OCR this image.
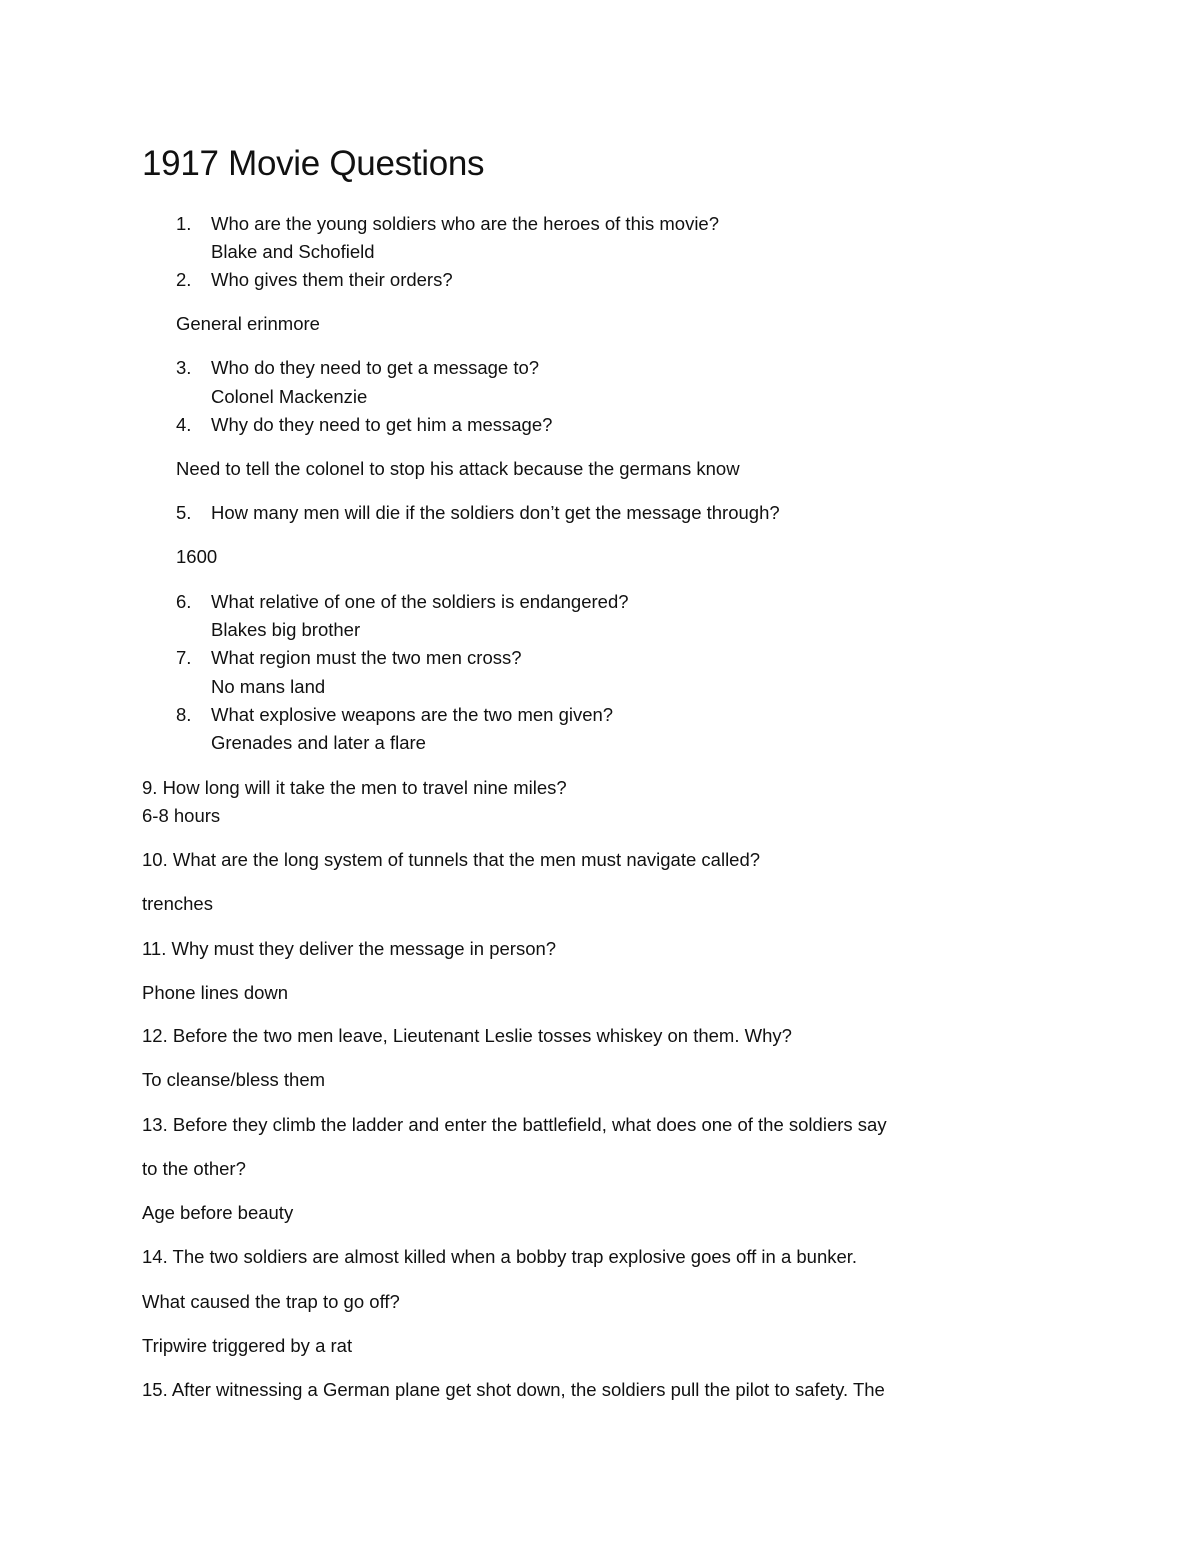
1917 Movie Questions
1. Who are the young soldiers who are the heroes of this movie?
Blake and Schofield
2. Who gives them their orders?
General erinmore
3. Who do they need to get a message to?
Colonel Mackenzie
4. Why do they need to get him a message?
Need to tell the colonel to stop his attack because the germans know
5. How many men will die if the soldiers don’t get the message through?
1600
6. What relative of one of the soldiers is endangered?
Blakes big brother
7. What region must the two men cross?
No mans land
8. What explosive weapons are the two men given?
Grenades and later a flare
9. How long will it take the men to travel nine miles?
6-8 hours
10. What are the long system of tunnels that the men must navigate called?
trenches
11. Why must they deliver the message in person?
Phone lines down
12. Before the two men leave, Lieutenant Leslie tosses whiskey on them. Why?
To cleanse/bless them
13. Before they climb the ladder and enter the battlefield, what does one of the soldiers say
to the other?
Age before beauty
14. The two soldiers are almost killed when a bobby trap explosive goes off in a bunker.
What caused the trap to go off?
Tripwire triggered by a rat
15. After witnessing a German plane get shot down, the soldiers pull the pilot to safety. The
